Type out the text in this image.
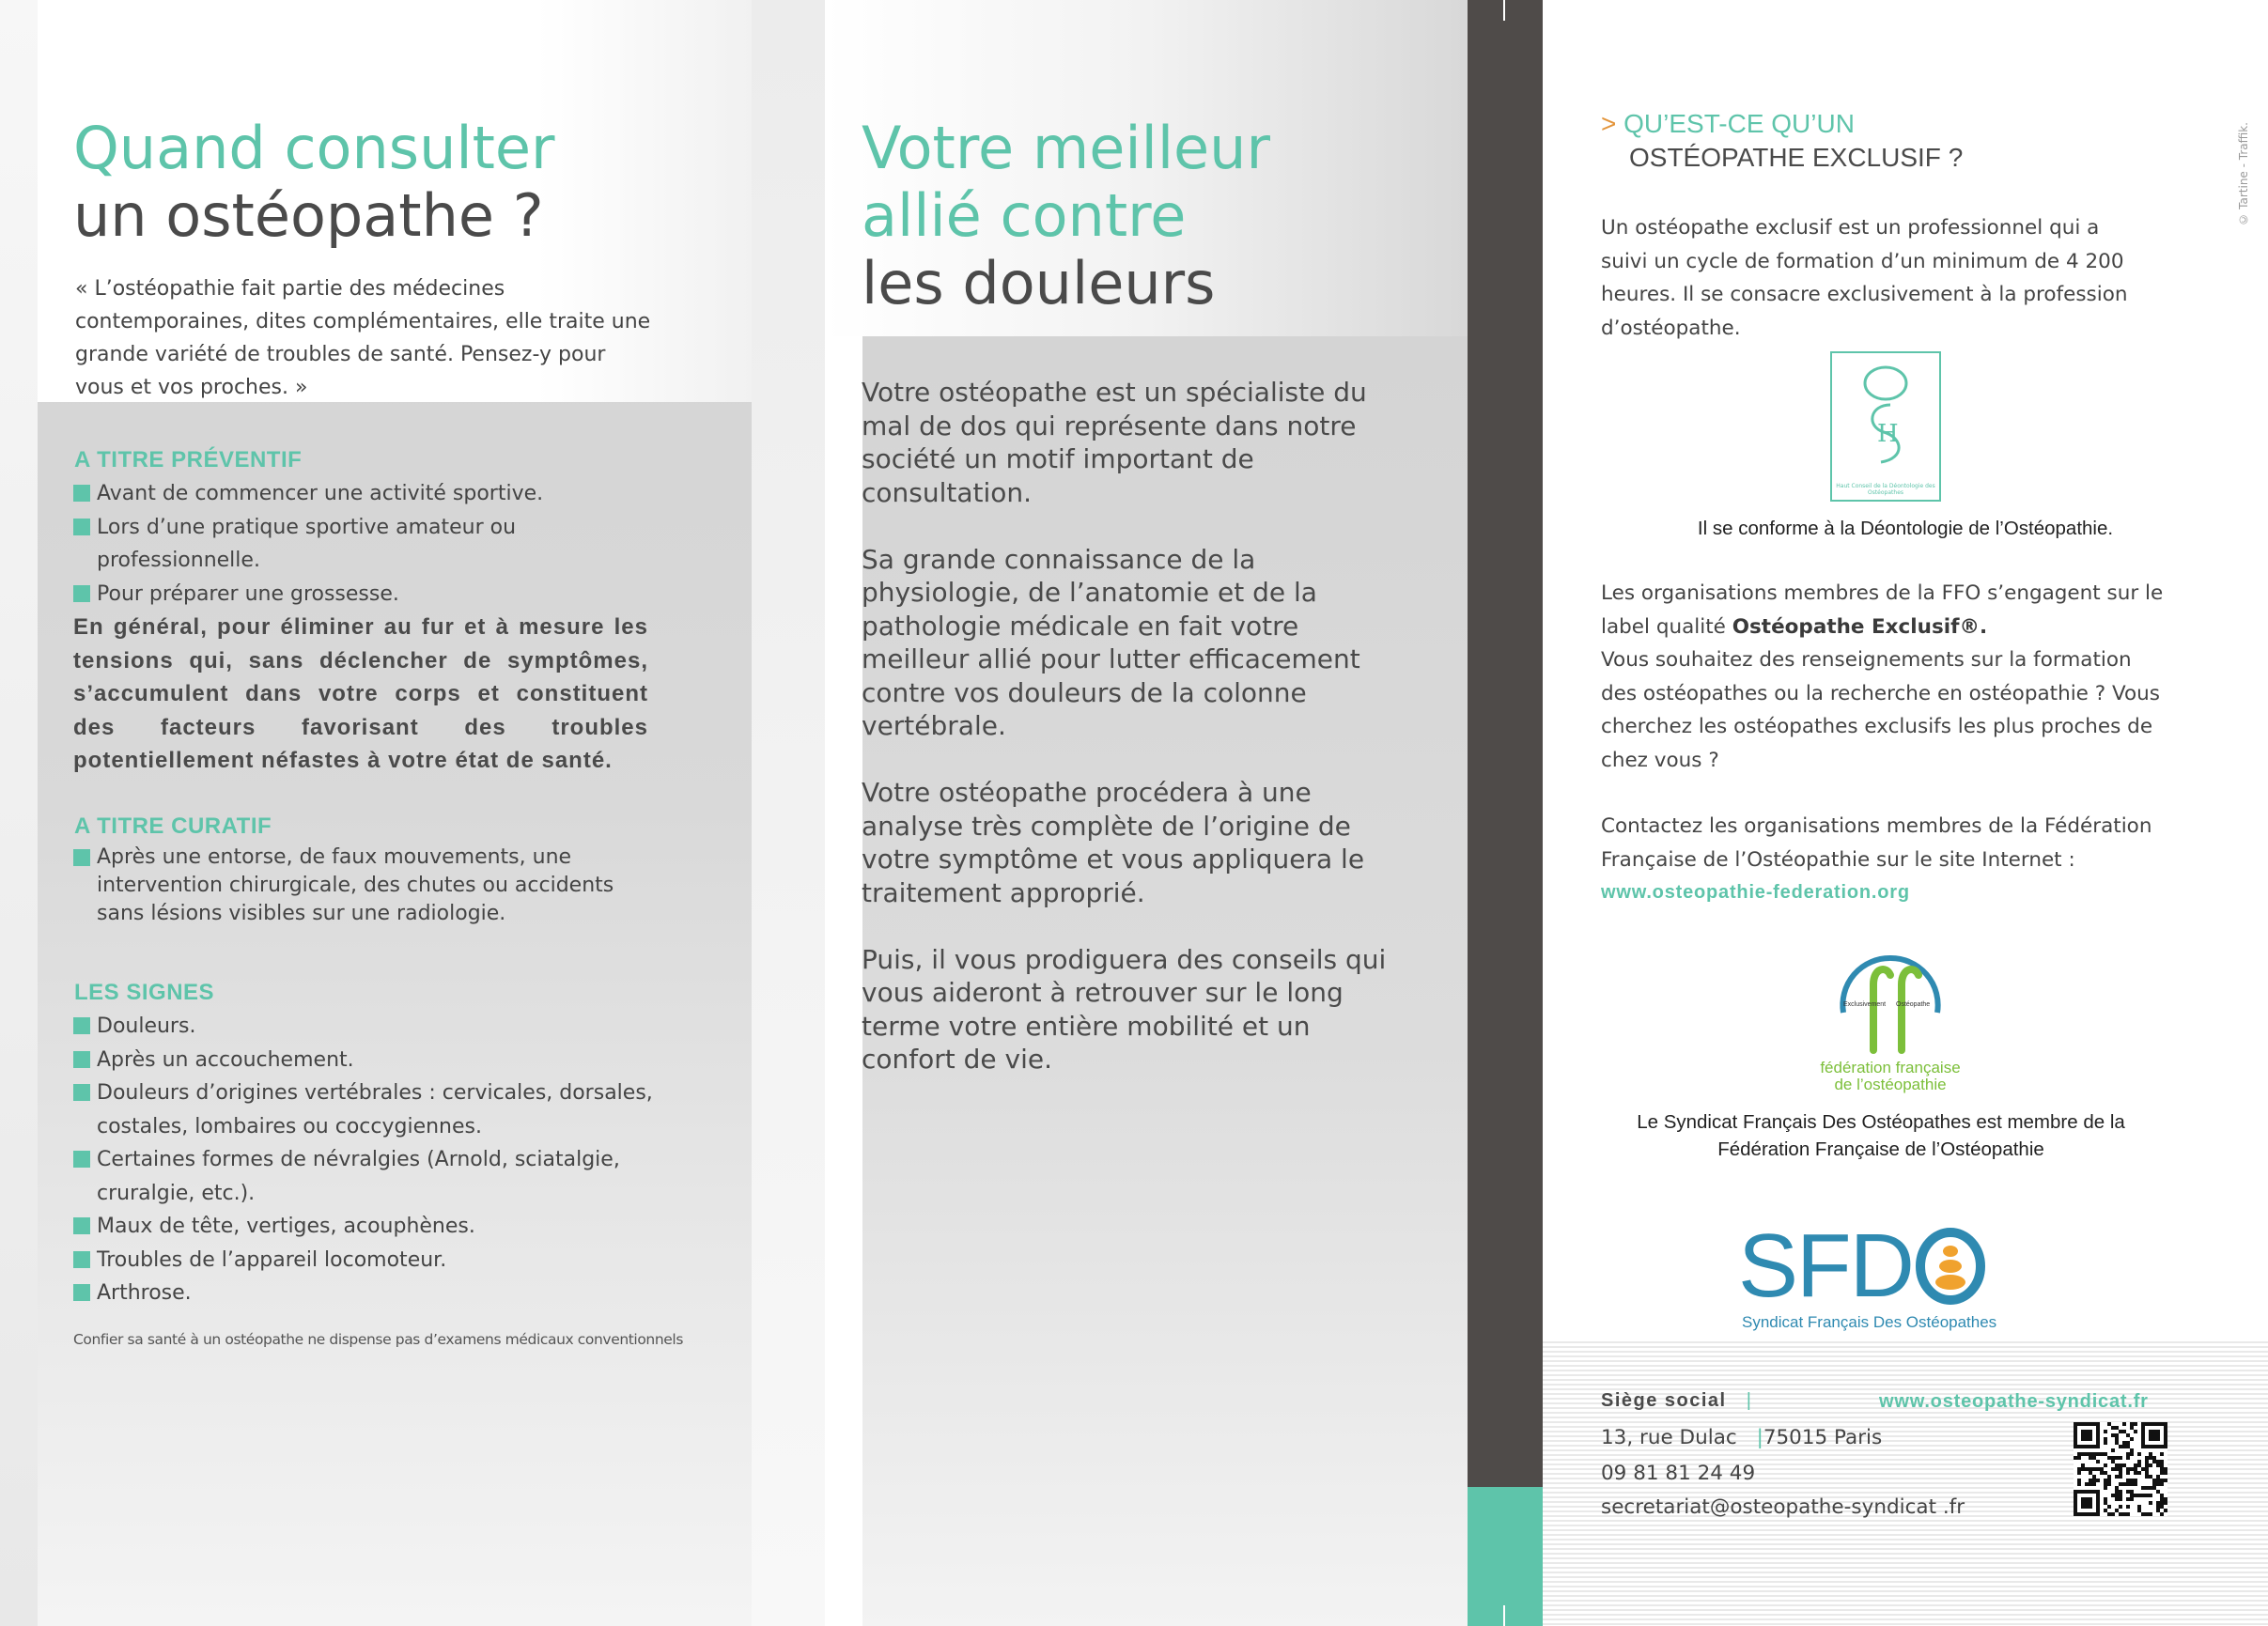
Quand consulter
un ostéopathe ?
« L’ostéopathie fait partie des médecines contemporaines, dites complémentaires, elle traite une grande variété de troubles de santé. Pensez-y pour vous et vos proches. »
A TITRE PRÉVENTIF
Avant de commencer une activité sportive.
Lors d’une pratique sportive amateur ou professionnelle.
Pour préparer une grossesse.
En général, pour éliminer au fur et à mesure les tensions qui, sans déclencher de symptômes, s’accumulent dans votre corps et constituent des facteurs favorisant des troubles potentiellement néfastes à votre état de santé.
A TITRE CURATIF
Après une entorse, de faux mouvements, une intervention chirurgicale, des chutes ou accidents sans lésions visibles sur une radiologie.
LES SIGNES
Douleurs.
Après un accouchement.
Douleurs d’origines vertébrales : cervicales, dorsales, costales, lombaires ou coccygiennes.
Certaines formes de névralgies (Arnold, sciatalgie, cruralgie, etc.).
Maux de tête, vertiges, acouphènes.
Troubles de l’appareil locomoteur.
Arthrose.
Confier sa santé à un ostéopathe ne dispense pas d’examens médicaux conventionnels
Votre meilleur
allié contre
les douleurs

Votre ostéopathe est un spécialiste du mal de dos qui représente dans notre société un motif important de consultation.

Sa grande connaissance de la physiologie, de l’anatomie et de la pathologie médicale en fait votre meilleur allié pour lutter efficacement contre vos douleurs de la colonne vertébrale.

Votre ostéopathe procédera à une analyse très complète de l’origine de votre symptôme et vous appliquera le traitement approprié.

Puis, il vous prodiguera des conseils qui vous aideront à retrouver sur le long terme votre entière mobilité et un confort de vie.

© Tartine - Traffik.
> QU’EST-CE QU’UN
OSTÉOPATHE EXCLUSIF ?
Un ostéopathe exclusif est un professionnel qui a suivi un cycle de formation d’un minimum de 4 200 heures. Il se consacre exclusivement à la profession d’ostéopathe.
H
Haut Conseil de la Déontologie des Ostéopathes
Il se conforme à la Déontologie de l’Ostéopathie.
Les organisations membres de la FFO s’engagent sur le label qualité Ostéopathe Exclusif®.
Vous souhaitez des renseignements sur la formation des ostéopathes ou la recherche en ostéopathie ? Vous cherchez les ostéopathes exclusifs les plus proches de chez vous ?
Contactez les organisations membres de la Fédération Française de l’Ostéopathie sur le site Internet :
www.osteopathie-federation.org
Exclusivement Ostéopathe
fédération française
de l’ostéopathie
Le Syndicat Français Des Ostéopathes est membre de la Fédération Française de l’Ostéopathie
SFD
Syndicat Français Des Ostéopathes
Siège social |	www.osteopathe-syndicat.fr
13, rue Dulac |75015 Paris
09 81 81 24 49
secretariat@osteopathe-syndicat .fr
